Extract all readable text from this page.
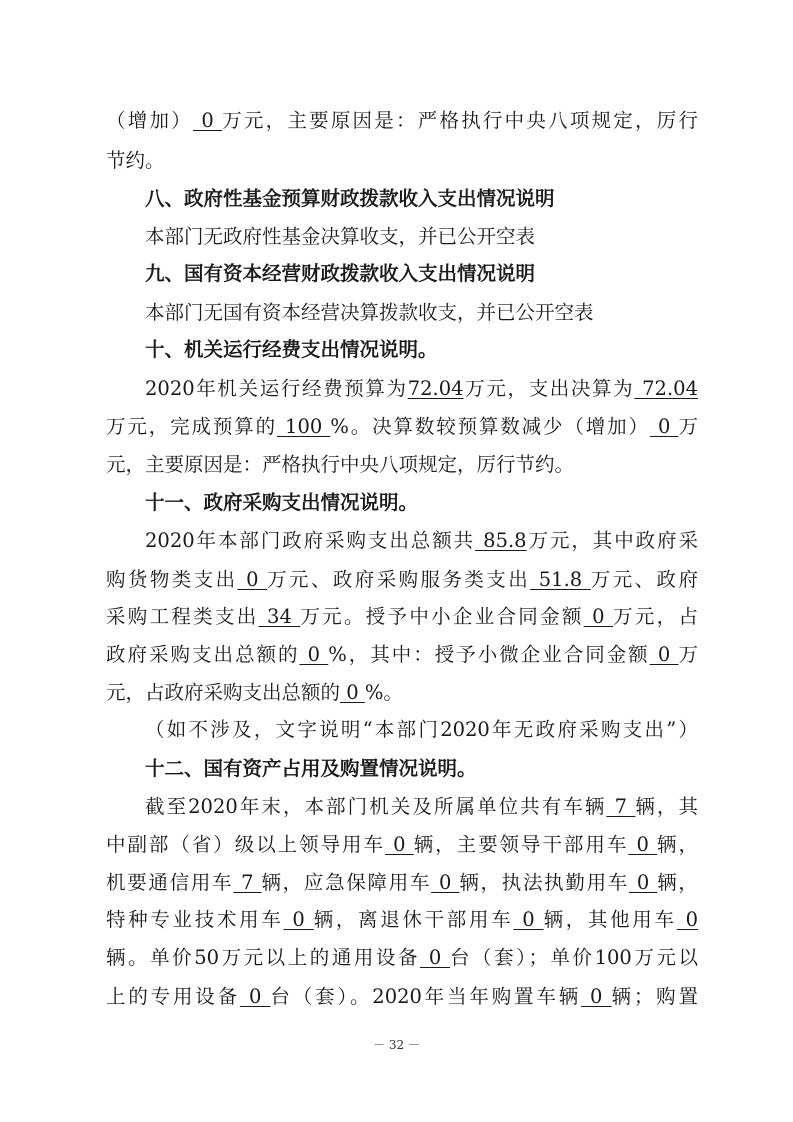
（增加） 0 万元，主要原因是：严格执行中央八项规定，厉行
节约。
八、政府性基金预算财政拨款收入支出情况说明
本部门无政府性基金决算收支，并已公开空表
九、国有资本经营财政拨款收入支出情况说明
本部门无国有资本经营决算拨款收支，并已公开空表
十、机关运行经费支出情况说明。
2020年机关运行经费预算为72.04万元，支出决算为 72.04
万元，完成预算的 100 %。决算数较预算数减少（增加） 0 万
元，主要原因是：严格执行中央八项规定，厉行节约。
十一、政府采购支出情况说明。
2020年本部门政府采购支出总额共 85.8万元，其中政府采
购货物类支出 0 万元、政府采购服务类支出 51.8 万元、政府
采购工程类支出 34 万元。授予中小企业合同金额 0 万元，占
政府采购支出总额的 0 %，其中：授予小微企业合同金额 0 万
元，占政府采购支出总额的 0 %。
（如不涉及，文字说明“本部门2020年无政府采购支出”）
十二、国有资产占用及购置情况说明。
截至2020年末，本部门机关及所属单位共有车辆 7 辆，其
中副部（省）级以上领导用车 0 辆，主要领导干部用车 0 辆，
机要通信用车 7 辆，应急保障用车 0 辆，执法执勤用车 0 辆，
特种专业技术用车 0 辆，离退休干部用车 0 辆，其他用车 0
辆。单价50万元以上的通用设备 0 台（套）；单价100万元以
上的专用设备 0 台（套）。2020年当年购置车辆 0 辆；购置
－ 32 －
